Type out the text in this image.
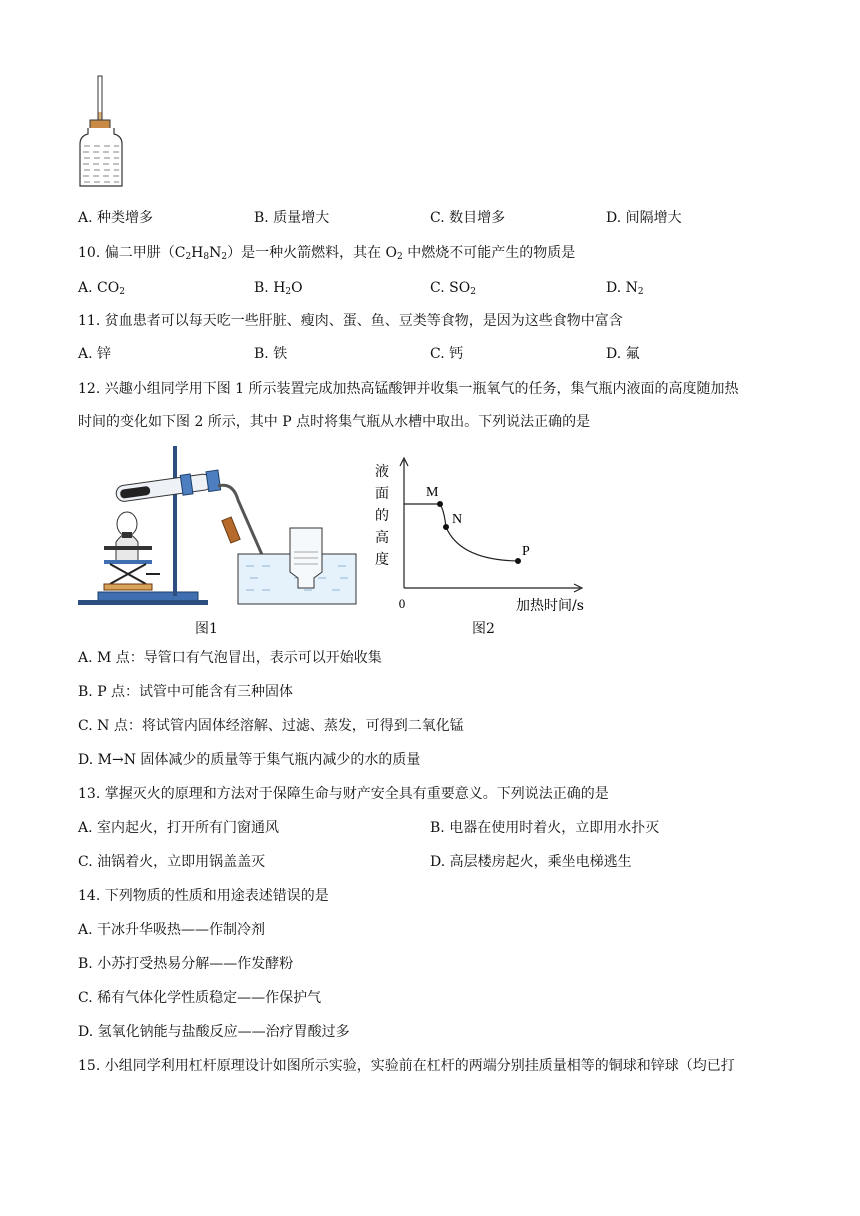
A. 种类增多	B. 质量增大	C. 数目增多	D. 间隔增大
10. 偏二甲肼$(C_2H_8N_2)$是一种火箭燃料，其在 $O_2$ 中燃烧不可能产生的物质是
A. $CO_2$	B. $H_2O$	C. $SO_2$	D. $N_2$
11. 贫血患者可以每天吃一些肝脏、瘦肉、蛋、鱼、豆类等食物，是因为这些食物中富含
A. 锌	B. 铁	C. 钙	D. 氟
12. 兴趣小组同学用下图 1 所示装置完成加热高锰酸钾并收集一瓶氧气的任务，集气瓶内液面的高度随加热
时间的变化如下图 2 所示，其中 P 点时将集气瓶从水槽中取出。下列说法正确的是
图1
液
面
的
高
度
0	加热时间/s
M
N
P
图2
A. M 点：导管口有气泡冒出，表示可以开始收集
B. P 点：试管中可能含有三种固体
C. N 点：将试管内固体经溶解、过滤、蒸发，可得到二氧化锰
D. M→N 固体减少的质量等于集气瓶内减少的水的质量
13. 掌握灭火的原理和方法对于保障生命与财产安全具有重要意义。下列说法正确的是
A. 室内起火，打开所有门窗通风	B. 电器在使用时着火，立即用水扑灭
C. 油锅着火，立即用锅盖盖灭	D. 高层楼房起火，乘坐电梯逃生
14. 下列物质的性质和用途表述错误的是
A. 干冰升华吸热——作制冷剂
B. 小苏打受热易分解——作发酵粉
C. 稀有气体化学性质稳定——作保护气
D. 氢氧化钠能与盐酸反应——治疗胃酸过多
15. 小组同学利用杠杆原理设计如图所示实验，实验前在杠杆的两端分别挂质量相等的铜球和锌球（均已打
